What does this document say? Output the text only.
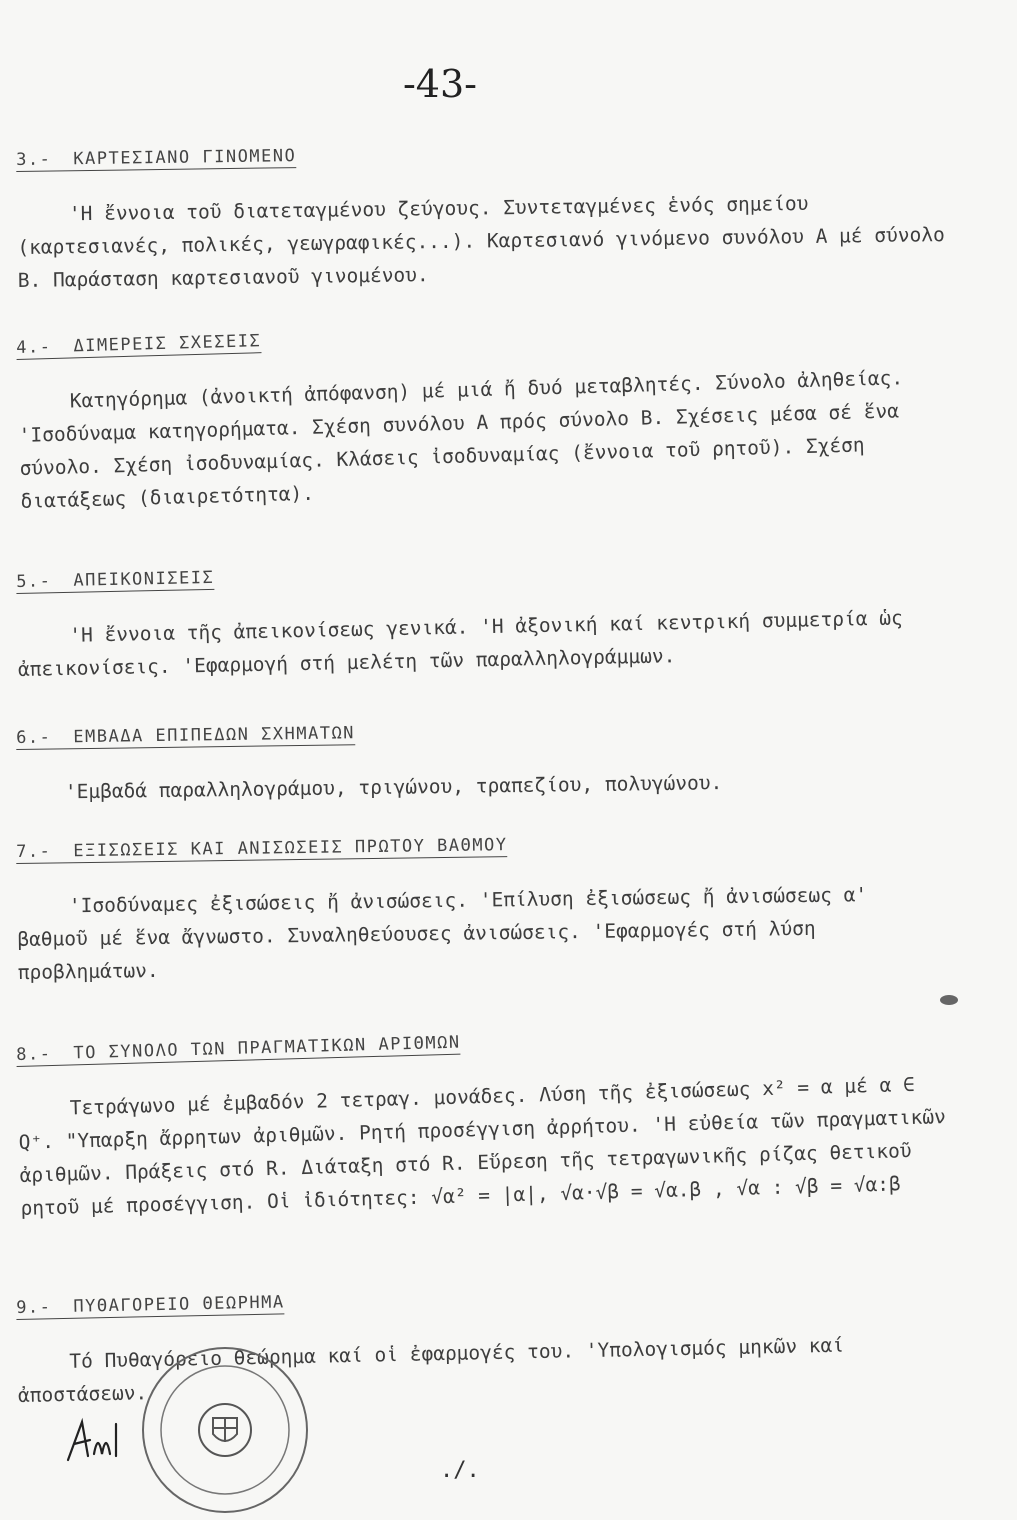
-43-
3.- ΚΑΡΤΕΣΙΑΝΟ ΓΙΝΟΜΕΝΟ

'Η ἔννοια τοῦ διατεταγμένου ζεύγους. Συντεταγμένες ἑνός σημείου (καρτεσιανές, πολικές, γεωγραφικές...). Καρτεσιανό γινόμενο συνόλου Α μέ σύνολο Β. Παράσταση καρτεσιανοῦ γινομένου.

4.- ΔΙΜΕΡΕΙΣ ΣΧΕΣΕΙΣ

Κατηγόρημα (ἀνοικτή ἀπόφανση) μέ μιά ἤ δυό μεταβλητές. Σύνολο ἀληθείας. 'Ισοδύναμα κατηγορήματα. Σχέση συνόλου Α πρός σύνολο Β. Σχέσεις μέσα σέ ἕνα σύνολο. Σχέση ἰσοδυναμίας. Κλάσεις ἰσοδυναμίας (ἔννοια τοῦ ρητοῦ). Σχέση διατάξεως (διαιρετότητα).

5.- ΑΠΕΙΚΟΝΙΣΕΙΣ

'Η ἔννοια τῆς ἀπεικονίσεως γενικά. 'Η ἀξονική καί κεντρική συμμετρία ὡς ἀπεικονίσεις. 'Εφαρμογή στή μελέτη τῶν παραλληλογράμμων.

6.- ΕΜΒΑΔΑ ΕΠΙΠΕΔΩΝ ΣΧΗΜΑΤΩΝ

'Εμβαδά παραλληλογράμου, τριγώνου, τραπεζίου, πολυγώνου.

7.- ΕΞΙΣΩΣΕΙΣ ΚΑΙ ΑΝΙΣΩΣΕΙΣ ΠΡΩΤΟΥ ΒΑΘΜΟΥ

'Ισοδύναμες ἐξισώσεις ἤ ἀνισώσεις. 'Επίλυση ἐξισώσεως ἤ ἀνισώσεως α' βαθμοῦ μέ ἕνα ἄγνωστο. Συναληθεύουσες ἀνισώσεις. 'Εφαρμογές στή λύση προβλημάτων.

8.- ΤΟ ΣΥΝΟΛΟ ΤΩΝ ΠΡΑΓΜΑΤΙΚΩΝ ΑΡΙΘΜΩΝ

Τετράγωνο μέ ἐμβαδόν 2 τετραγ. μονάδες. Λύση τῆς ἐξισώσεως x² = α μέ α ∈ Q⁺. "Υπαρξη ἄρρητων ἀριθμῶν. Ρητή προσέγγιση ἀρρήτου. 'Η εὐθεία τῶν πραγματικῶν ἀριθμῶν. Πράξεις στό R. Διάταξη στό R. Εὕρεση τῆς τετραγωνικῆς ρίζας θετικοῦ ρητοῦ μέ προσέγγιση. Οἱ ἰδιότητες: √α² = |α|, √α·√β = √α.β , √α : √β = √α:β

9.- ΠΥΘΑΓΟΡΕΙΟ ΘΕΩΡΗΜΑ

Τό Πυθαγόρειο θεώρημα καί οἱ ἐφαρμογές του. 'Υπολογισμός μηκῶν καί ἀποστάσεων.

./.
